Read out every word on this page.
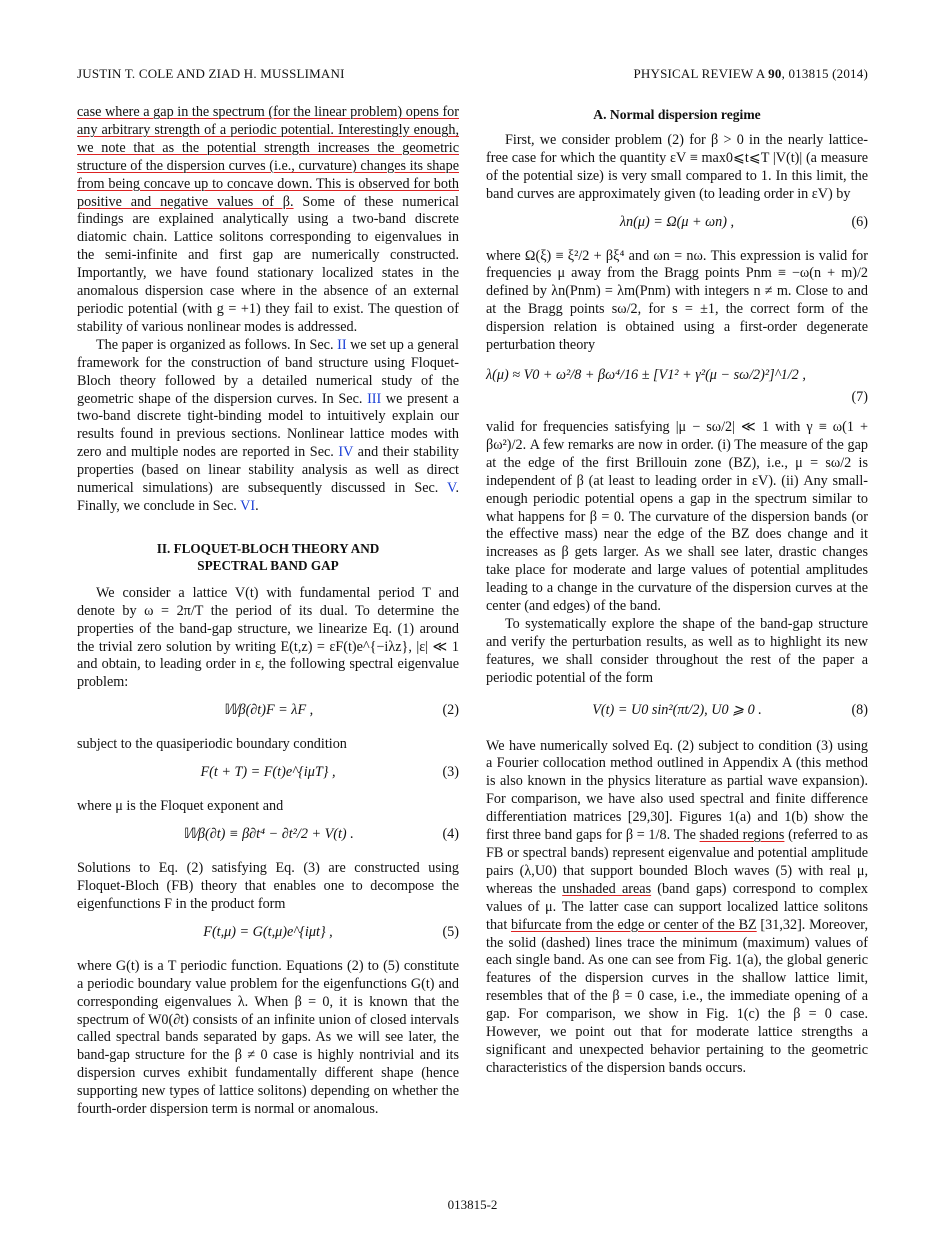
JUSTIN T. COLE AND ZIAD H. MUSSLIMANI	PHYSICAL REVIEW A 90, 013815 (2014)

case where a gap in the spectrum (for the linear problem) opens for any arbitrary strength of a periodic potential. Interestingly enough, we note that as the potential strength increases the geometric structure of the dispersion curves (i.e., curvature) changes its shape from being concave up to concave down. This is observed for both positive and negative values of β. Some of these numerical findings are explained analytically using a two-band discrete diatomic chain. Lattice solitons corresponding to eigenvalues in the semi-infinite and first gap are numerically constructed. Importantly, we have found stationary localized states in the anomalous dispersion case where in the absence of an external periodic potential (with g = +1) they fail to exist. The question of stability of various nonlinear modes is addressed.

The paper is organized as follows. In Sec. II we set up a general framework for the construction of band structure using Floquet-Bloch theory followed by a detailed numerical study of the geometric shape of the dispersion curves. In Sec. III we present a two-band discrete tight-binding model to intuitively explain our results found in previous sections. Nonlinear lattice modes with zero and multiple nodes are reported in Sec. IV and their stability properties (based on linear stability analysis as well as direct numerical simulations) are subsequently discussed in Sec. V. Finally, we conclude in Sec. VI.

II. FLOQUET-BLOCH THEORY AND
SPECTRAL BAND GAP

We consider a lattice V(t) with fundamental period T and denote by ω = 2π/T the period of its dual. To determine the properties of the band-gap structure, we linearize Eq. (1) around the trivial zero solution by writing E(t,z) = εF(t)e^{−iλz}, |ε| ≪ 1 and obtain, to leading order in ε, the following spectral eigenvalue problem:

𝕎β(∂t)F = λF ,	(2)

subject to the quasiperiodic boundary condition

F(t + T) = F(t)e^{iμT} ,	(3)

where μ is the Floquet exponent and

𝕎β(∂t) ≡ β∂t⁴ − ∂t²/2 + V(t) .	(4)

Solutions to Eq. (2) satisfying Eq. (3) are constructed using Floquet-Bloch (FB) theory that enables one to decompose the eigenfunctions F in the product form

F(t,μ) = G(t,μ)e^{iμt} ,	(5)

where G(t) is a T periodic function. Equations (2) to (5) constitute a periodic boundary value problem for the eigenfunctions G(t) and corresponding eigenvalues λ. When β = 0, it is known that the spectrum of W0(∂t) consists of an infinite union of closed intervals called spectral bands separated by gaps. As we will see later, the band-gap structure for the β ≠ 0 case is highly nontrivial and its dispersion curves exhibit fundamentally different shape (hence supporting new types of lattice solitons) depending on whether the fourth-order dispersion term is normal or anomalous.

A. Normal dispersion regime

First, we consider problem (2) for β > 0 in the nearly lattice-free case for which the quantity εV ≡ max0⩽t⩽T |V(t)| (a measure of the potential size) is very small compared to 1. In this limit, the band curves are approximately given (to leading order in εV) by

λn(μ) = Ω(μ + ωn) ,	(6)

where Ω(ξ) ≡ ξ²/2 + βξ⁴ and ωn = nω. This expression is valid for frequencies μ away from the Bragg points Pnm ≡ −ω(n + m)/2 defined by λn(Pnm) = λm(Pnm) with integers n ≠ m. Close to and at the Bragg points sω/2, for s = ±1, the correct form of the dispersion relation is obtained using a first-order degenerate perturbation theory

λ(μ) ≈ V0 + ω²/8 + βω⁴/16 ± [V1² + γ²(μ − sω/2)²]^1/2 ,
(7)

valid for frequencies satisfying |μ − sω/2| ≪ 1 with γ ≡ ω(1 + βω²)/2. A few remarks are now in order. (i) The measure of the gap at the edge of the first Brillouin zone (BZ), i.e., μ = sω/2 is independent of β (at least to leading order in εV). (ii) Any small-enough periodic potential opens a gap in the spectrum similar to what happens for β = 0. The curvature of the dispersion bands (or the effective mass) near the edge of the BZ does change and it increases as β gets larger. As we shall see later, drastic changes take place for moderate and large values of potential amplitudes leading to a change in the curvature of the dispersion curves at the center (and edges) of the band.

To systematically explore the shape of the band-gap structure and verify the perturbation results, as well as to highlight its new features, we shall consider throughout the rest of the paper a periodic potential of the form

V(t) = U0 sin²(πt/2), U0 ⩾ 0 .	(8)

We have numerically solved Eq. (2) subject to condition (3) using a Fourier collocation method outlined in Appendix A (this method is also known in the physics literature as partial wave expansion). For comparison, we have also used spectral and finite difference differentiation matrices [29,30]. Figures 1(a) and 1(b) show the first three band gaps for β = 1/8. The shaded regions (referred to as FB or spectral bands) represent eigenvalue and potential amplitude pairs (λ,U0) that support bounded Bloch waves (5) with real μ, whereas the unshaded areas (band gaps) correspond to complex values of μ. The latter case can support localized lattice solitons that bifurcate from the edge or center of the BZ [31,32]. Moreover, the solid (dashed) lines trace the minimum (maximum) values of each single band. As one can see from Fig. 1(a), the global generic features of the dispersion curves in the shallow lattice limit, resembles that of the β = 0 case, i.e., the immediate opening of a gap. For comparison, we show in Fig. 1(c) the β = 0 case. However, we point out that for moderate lattice strengths a significant and unexpected behavior pertaining to the geometric characteristics of the dispersion bands occurs.

013815-2
